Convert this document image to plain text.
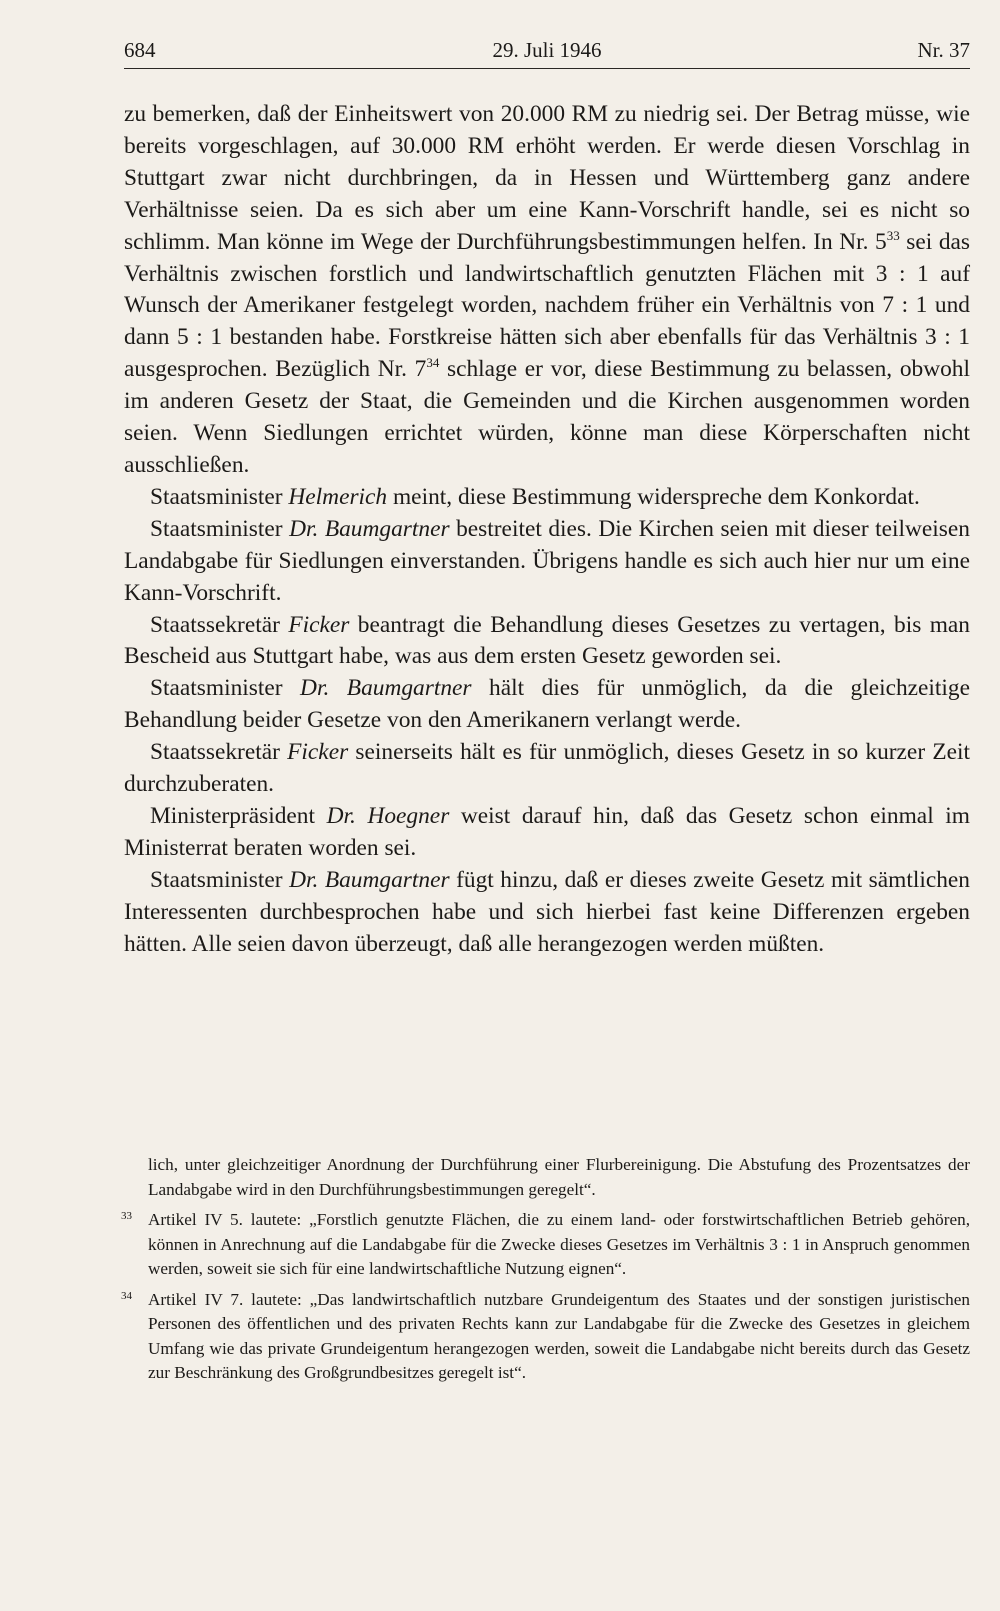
684	29. Juli 1946	Nr. 37

zu bemerken, daß der Einheitswert von 20.000 RM zu niedrig sei. Der Betrag müsse, wie bereits vorgeschlagen, auf 30.000 RM erhöht werden. Er werde diesen Vorschlag in Stuttgart zwar nicht durchbringen, da in Hessen und Württemberg ganz andere Verhältnisse seien. Da es sich aber um eine Kann-Vorschrift handle, sei es nicht so schlimm. Man könne im Wege der Durchführungsbestimmungen helfen. In Nr. $5^{33}$ sei das Verhältnis zwischen forstlich und landwirtschaftlich genutzten Flächen mit 3 : 1 auf Wunsch der Amerikaner festgelegt worden, nachdem früher ein Verhältnis von 7 : 1 und dann 5 : 1 bestanden habe. Forstkreise hätten sich aber ebenfalls für das Verhältnis 3 : 1 ausgesprochen. Bezüglich Nr. $7^{34}$ schlage er vor, diese Bestimmung zu belassen, obwohl im anderen Gesetz der Staat, die Gemeinden und die Kirchen ausgenommen worden seien. Wenn Siedlungen errichtet würden, könne man diese Körperschaften nicht ausschließen.

Staatsminister Helmerich meint, diese Bestimmung widerspreche dem Konkordat.

Staatsminister Dr. Baumgartner bestreitet dies. Die Kirchen seien mit dieser teilweisen Landabgabe für Siedlungen einverstanden. Übrigens handle es sich auch hier nur um eine Kann-Vorschrift.

Staatssekretär Ficker beantragt die Behandlung dieses Gesetzes zu vertagen, bis man Bescheid aus Stuttgart habe, was aus dem ersten Gesetz geworden sei.

Staatsminister Dr. Baumgartner hält dies für unmöglich, da die gleichzeitige Behandlung beider Gesetze von den Amerikanern verlangt werde.

Staatssekretär Ficker seinerseits hält es für unmöglich, dieses Gesetz in so kurzer Zeit durchzuberaten.

Ministerpräsident Dr. Hoegner weist darauf hin, daß das Gesetz schon einmal im Ministerrat beraten worden sei.

Staatsminister Dr. Baumgartner fügt hinzu, daß er dieses zweite Gesetz mit sämtlichen Interessenten durchbesprochen habe und sich hierbei fast keine Differenzen ergeben hätten. Alle seien davon überzeugt, daß alle herangezogen werden müßten.

lich, unter gleichzeitiger Anordnung der Durchführung einer Flurbereinigung. Die Abstufung des Prozentsatzes der Landabgabe wird in den Durchführungsbestimmungen geregelt“.
33 Artikel IV 5. lautete: „Forstlich genutzte Flächen, die zu einem land- oder forstwirtschaftlichen Betrieb gehören, können in Anrechnung auf die Landabgabe für die Zwecke dieses Gesetzes im Verhältnis 3 : 1 in Anspruch genommen werden, soweit sie sich für eine landwirtschaftliche Nutzung eignen“.
34 Artikel IV 7. lautete: „Das landwirtschaftlich nutzbare Grundeigentum des Staates und der sonstigen juristischen Personen des öffentlichen und des privaten Rechts kann zur Landabgabe für die Zwecke des Gesetzes in gleichem Umfang wie das private Grundeigentum herangezogen werden, soweit die Landabgabe nicht bereits durch das Gesetz zur Beschränkung des Großgrundbesitzes geregelt ist“.
